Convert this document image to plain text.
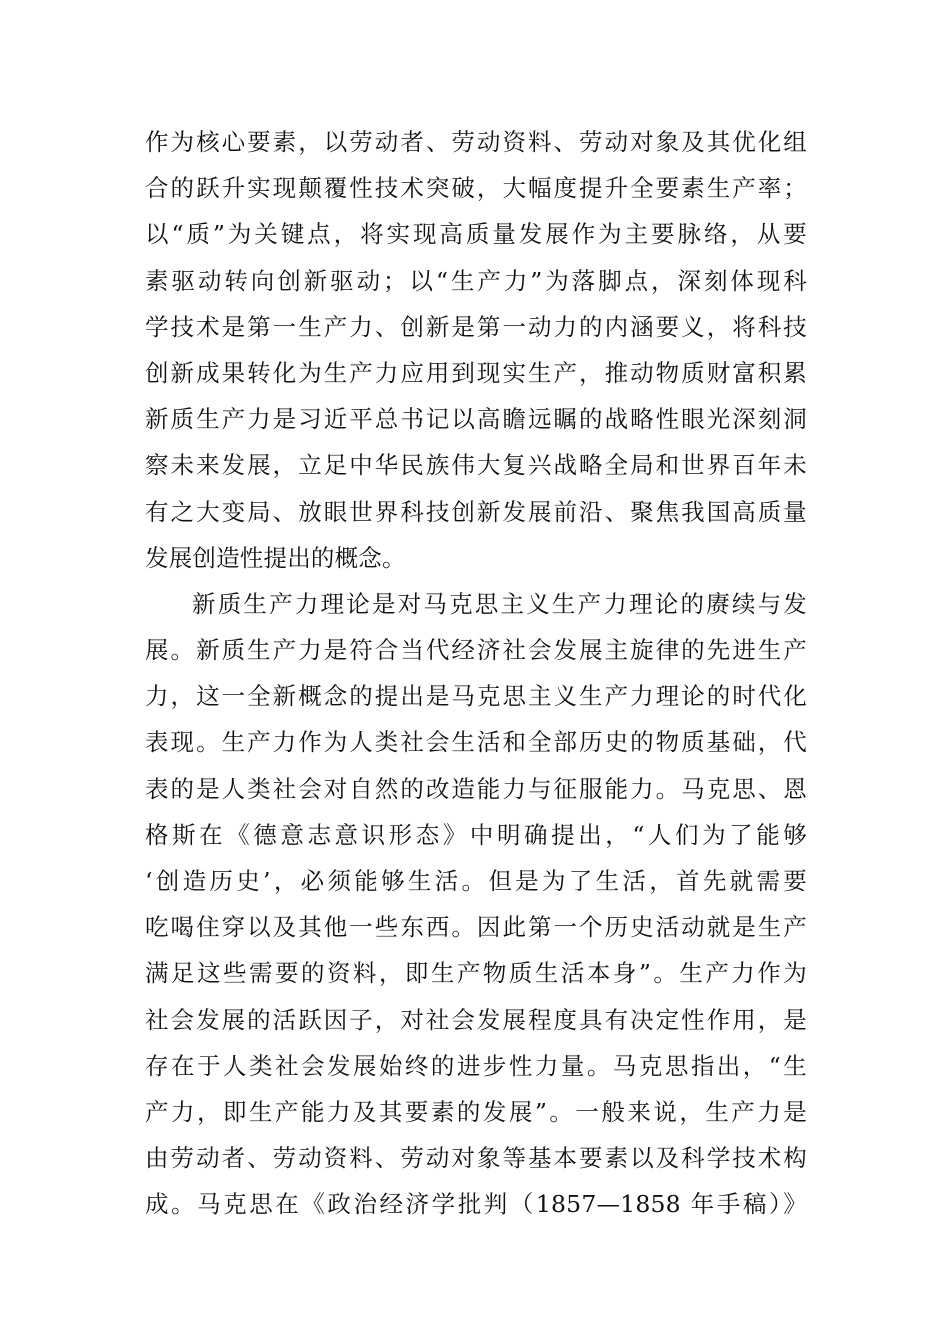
作为核心要素，以劳动者、劳动资料、劳动对象及其优化组
合的跃升实现颠覆性技术突破，大幅度提升全要素生产率；
以“质”为关键点，将实现高质量发展作为主要脉络，从要
素驱动转向创新驱动；以“生产力”为落脚点，深刻体现科
学技术是第一生产力、创新是第一动力的内涵要义，将科技
创新成果转化为生产力应用到现实生产，推动物质财富积累
新质生产力是习近平总书记以高瞻远瞩的战略性眼光深刻洞
察未来发展，立足中华民族伟大复兴战略全局和世界百年未
有之大变局、放眼世界科技创新发展前沿、聚焦我国高质量
发展创造性提出的概念。
新质生产力理论是对马克思主义生产力理论的赓续与发
展。新质生产力是符合当代经济社会发展主旋律的先进生产
力，这一全新概念的提出是马克思主义生产力理论的时代化
表现。生产力作为人类社会生活和全部历史的物质基础，代
表的是人类社会对自然的改造能力与征服能力。马克思、恩
格斯在《德意志意识形态》中明确提出，“人们为了能够
‘创造历史’，必须能够生活。但是为了生活，首先就需要
吃喝住穿以及其他一些东西。因此第一个历史活动就是生产
满足这些需要的资料，即生产物质生活本身”。生产力作为
社会发展的活跃因子，对社会发展程度具有决定性作用，是
存在于人类社会发展始终的进步性力量。马克思指出，“生
产力，即生产能力及其要素的发展”。一般来说，生产力是
由劳动者、劳动资料、劳动对象等基本要素以及科学技术构
成。马克思在《政治经济学批判（1857—1858 年手稿）》
